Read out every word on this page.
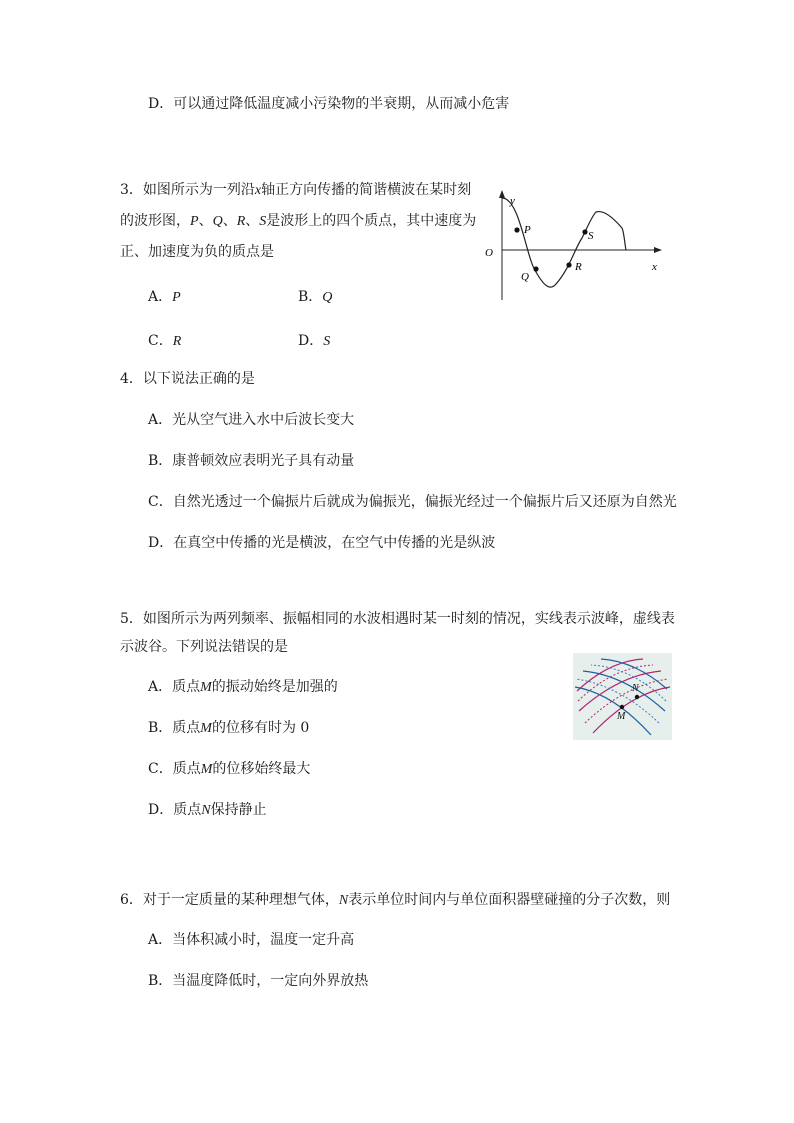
D．可以通过降低温度减小污染物的半衰期，从而减小危害
3．如图所示为一列沿x轴正方向传播的简谐横波在某时刻
的波形图，P、Q、R、S是波形上的四个质点，其中速度为
正、加速度为负的质点是
A．P	B．Q
C．R	D．S
y
x
O
P
Q
R
S
4．以下说法正确的是
A．光从空气进入水中后波长变大
B．康普顿效应表明光子具有动量
C．自然光透过一个偏振片后就成为偏振光，偏振光经过一个偏振片后又还原为自然光
D．在真空中传播的光是横波，在空气中传播的光是纵波
5．如图所示为两列频率、振幅相同的水波相遇时某一时刻的情况，实线表示波峰，虚线表
示波谷。下列说法错误的是
A．质点M的振动始终是加强的
B．质点M的位移有时为 0
C．质点M的位移始终最大
D．质点N保持静止
N
M
6．对于一定质量的某种理想气体，N表示单位时间内与单位面积器壁碰撞的分子次数，则
A．当体积减小时，温度一定升高
B．当温度降低时，一定向外界放热
